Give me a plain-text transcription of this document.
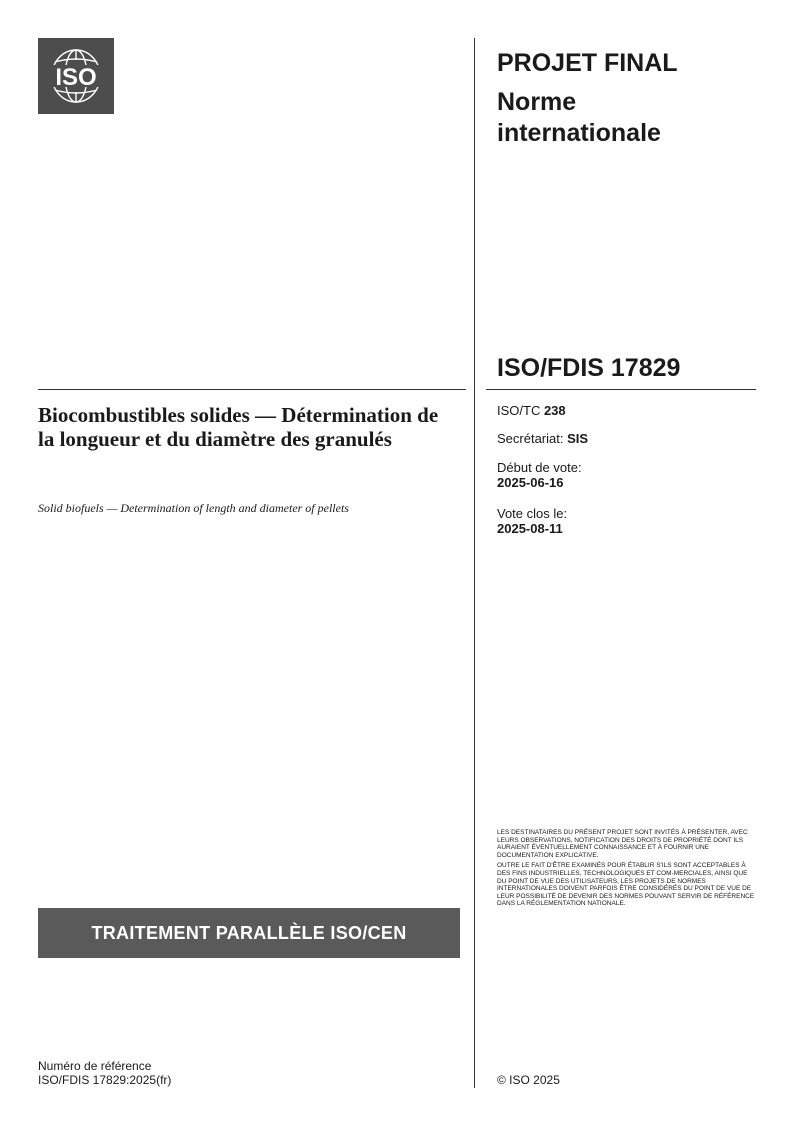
ISO
PROJET FINAL
Norme internationale
ISO/FDIS 17829
Biocombustibles solides — Détermination de la longueur et du diamètre des granulés
Solid biofuels — Determination of length and diameter of pellets
ISO/TC 238
Secrétariat: SIS
Début de vote:
2025-06-16
Vote clos le:
2025-08-11

LES DESTINATAIRES DU PRÉSENT PROJET SONT INVITÉS À PRÉSENTER, AVEC LEURS OBSERVATIONS, NOTIFICATION DES DROITS DE PROPRIÉTÉ DONT ILS AURAIENT ÉVENTUELLEMENT CONNAISSANCE ET À FOURNIR UNE DOCUMENTATION EXPLICATIVE.

OUTRE LE FAIT D'ÊTRE EXAMINÉS POUR ÉTABLIR S'ILS SONT ACCEPTABLES À DES FINS INDUSTRIELLES, TECHNOLOGIQUES ET COM-MERCIALES, AINSI QUE DU POINT DE VUE DES UTILISATEURS, LES PROJETS DE NORMES INTERNATIONALES DOIVENT PARFOIS ÊTRE CONSIDÉRÉS DU POINT DE VUE DE LEUR POSSIBILITÉ DE DEVENIR DES NORMES POUVANT SERVIR DE RÉFÉRENCE DANS LA RÉGLEMENTATION NATIONALE.

TRAITEMENT PARALLÈLE ISO/CEN
Numéro de référence
ISO/FDIS 17829:2025(fr)	© ISO 2025
